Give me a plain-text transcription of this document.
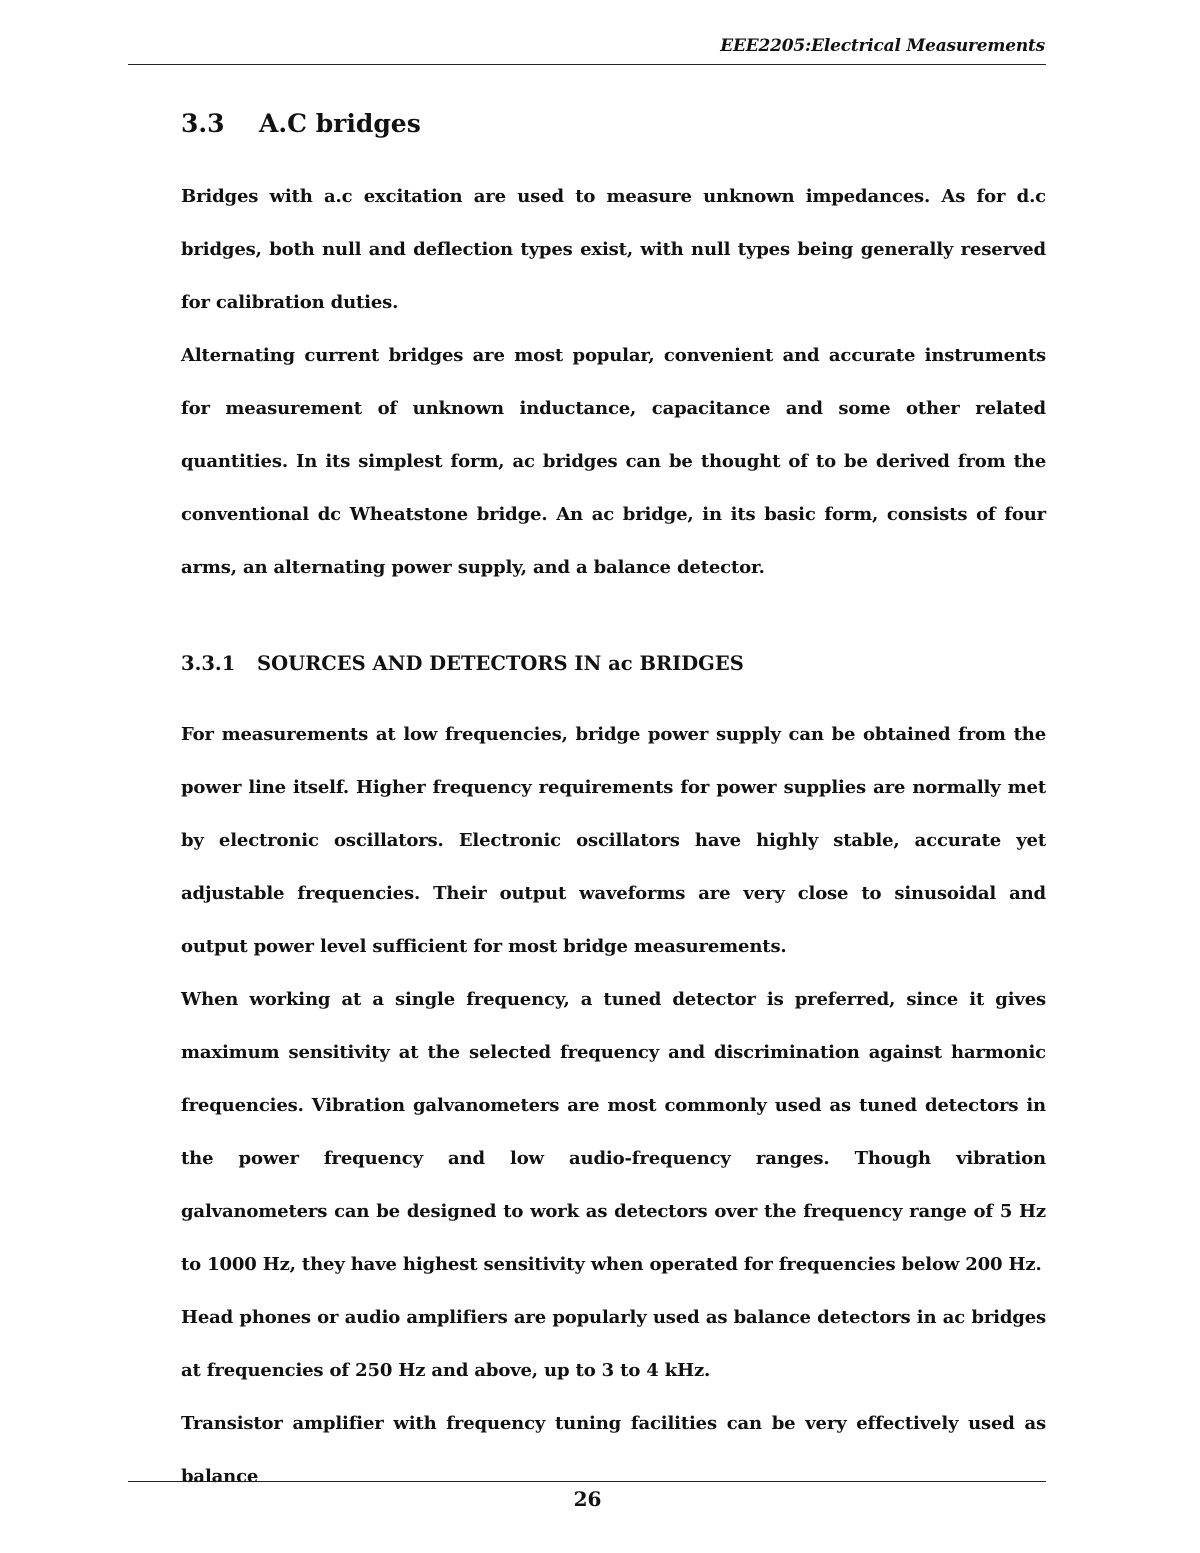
EEE2205:Electrical Measurements
3.3	A.C bridges

Bridges with a.c excitation are used to measure unknown impedances. As for d.c bridges, both null and deflection types exist, with null types being generally reserved for calibration duties.

Alternating current bridges are most popular, convenient and accurate instruments for measurement of unknown inductance, capacitance and some other related quantities. In its simplest form, ac bridges can be thought of to be derived from the conventional dc Wheatstone bridge. An ac bridge, in its basic form, consists of four arms, an alternating power supply, and a balance detector.

3.3.1	SOURCES AND DETECTORS IN ac BRIDGES

For measurements at low frequencies, bridge power supply can be obtained from the power line itself. Higher frequency requirements for power supplies are normally met by electronic oscillators. Electronic oscillators have highly stable, accurate yet adjustable frequencies. Their output waveforms are very close to sinusoidal and output power level sufficient for most bridge measurements.

When working at a single frequency, a tuned detector is preferred, since it gives maximum sensitivity at the selected frequency and discrimination against harmonic frequencies. Vibration galvanometers are most commonly used as tuned detectors in the power frequency and low audio-frequency ranges. Though vibration galvanometers can be designed to work as detectors over the frequency range of 5 Hz to 1000 Hz, they have highest sensitivity when operated for frequencies below 200 Hz.

Head phones or audio amplifiers are popularly used as balance detectors in ac bridges at frequencies of 250 Hz and above, up to 3 to 4 kHz.

Transistor amplifier with frequency tuning facilities can be very effectively used as balance

26
